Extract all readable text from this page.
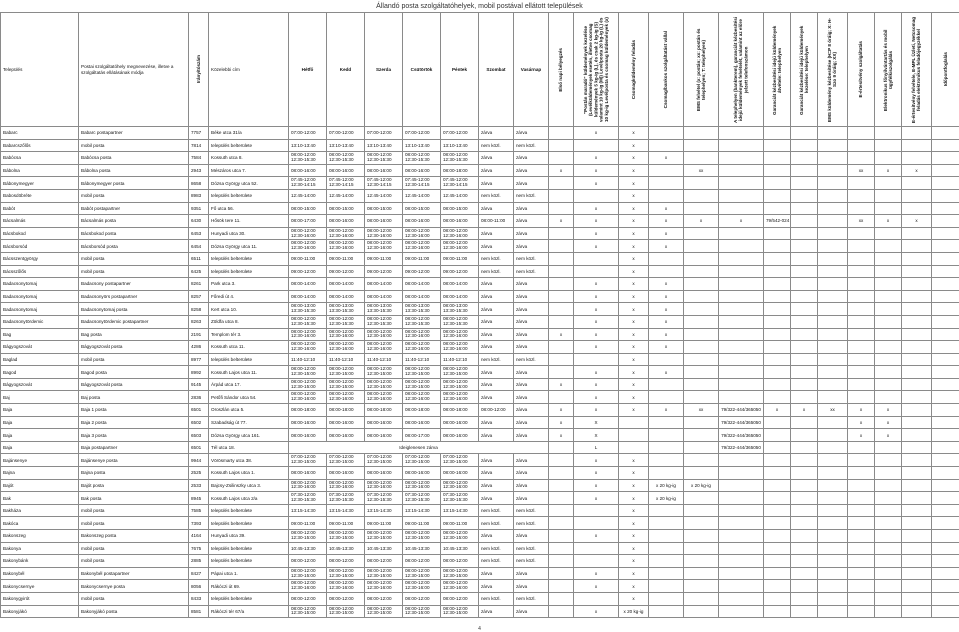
Állandó posta szolgáltatóhelyek, mobil postával ellátott települések
Település	Postai szolgáltatóhely megnevezése, illetve a szolgáltatás ellátásának módja	Irányítószám	Közelebbi cím	Hétfő	Kedd	Szerda	Csütörtök	Péntek	Szombat	Vasárnap	Első napi bélyegzés	"Postán maradó" küldemények kezelése (Levélküldemények esetén, illetve csomag küldemények 5 kg-ig (L), és csak 2 kg-ig (S) valamint 10 kg-ig (M)) Levélposta 20 kg-ig (L) és 10 kg-ig Levélposta és csomag küldemények (x)	Csomagküldemény feladás	Csomag/bankos szolgáltatást vállal	EMS felvétel (x: postán; xx: postán és telephelyen; T: telephelyen)	A telephelyen (bankterem), garanciát kézbesítési idejű küldemények felvételét, valamint az előre jelzett telefonszámon	Garanciát kézbesítési idejű küldemények átvétele: telephelyen	Garanciát kézbesítési idejű küldemények kezelése: telephelyen	EMS küldemény kézbesítése (H=P 8 óráig; X: H-Szo 9 óráig; XX)	E-értesítvény szolgáltatás	Elektronikus főnyilvántartás és mobil ügyfélkiszolgálás	E-értesítvény felvétele, E-MPL Üzleti, Netcsomag feladás elektronikus feladójegyzékkel	Időpontfoglalás

Babarc	Babarc postapartner	7757	Béke utca 31/a	07:00-12:00	07:00-12:00	07:00-12:00	07:00-12:00	07:00-12:00	zárva	zárva		x	x										
Babarcszőlős	mobil posta	7814	település belterülete	13:10-13:40	13:10-13:40	13:10-13:40	13:10-13:40	13:10-13:40	nem közl.	nem közl.			x										
Babócsa	Babócsa posta	7584	Kossuth utca 8.	08:00-12:00
12:30-15:30	08:00-12:00
12:30-15:30	08:00-12:00
12:30-15:30	08:00-12:00
12:30-15:30	08:00-12:00
12:30-15:30	zárva	zárva		x	x	x									
Bábolna	Bábolna posta	2943	Mészáros utca 7.	08:00-16:00	08:00-16:00	08:00-16:00	08:00-16:00	08:00-18:00	zárva	zárva	x	x	x		xx					xx	x	x	
Bábonymegyer	Bábonymegyer posta	8658	Dózsa György utca 52.	07:45-12:00
12:30-14:15	07:45-12:00
12:30-14:15	07:45-12:00
12:30-14:15	07:45-12:00
12:30-14:15	07:45-12:00
12:30-14:15	zárva	zárva		x	x										
Babosdöbréte	mobil posta	8983	település belterülete	12:45-14:00	12:45-14:00	12:45-14:00	12:45-14:00	12:45-14:00	nem közl.	nem közl.			x										
Babót	Babót postapartner	9351	Fő utca 56.	08:00-15:00	08:00-15:00	08:00-15:00	08:00-15:00	08:00-15:00	zárva	zárva		x	x	x									
Bácsalmás	Bácsalmás posta	6430	Hősök tere 11.	08:00-17:00	08:00-16:00	08:00-16:00	08:00-16:00	08:00-16:00	08:00-11:00	zárva	x	x	x	x	x	x	79/542-024			xx	x	x	
Bácsbokod	Bácsbokod posta	6453	Hunyadi utca 30.	08:00-12:00
12:30-16:00	08:00-12:00
12:30-16:00	08:00-12:00
12:30-16:00	08:00-12:00
12:30-16:00	08:00-12:00
12:30-16:00	zárva	zárva		x	x	x									
Bácsborsód	Bácsborsód posta	6454	Dózsa György utca 11.	08:00-12:00
12:30-16:00	08:00-12:00
12:30-16:00	08:00-12:00
12:30-16:00	08:00-12:00
12:30-16:00	08:00-12:00
12:30-16:00	zárva	zárva		x	x	x									
Bácsszentgyörgy	mobil posta	6511	település belterülete	09:00-11:00	09:00-11:00	09:00-11:00	09:00-11:00	09:00-11:00	nem közl.	nem közl.			x										
Bácsszőlős	mobil posta	6425	település belterülete	09:00-12:00	09:00-12:00	09:00-12:00	09:00-12:00	09:00-12:00	nem közl.	nem közl.			x										
Badacsonytomaj	Badacsony postapartner	8261	Park utca 3.	08:00-14:00	08:00-14:00	08:00-14:00	08:00-14:00	08:00-14:00	zárva	zárva		x	x	x									
Badacsonytomaj	Badacsonyörs postapartner	8257	Főredi út 4.	08:00-14:00	08:00-14:00	08:00-14:00	08:00-14:00	08:00-14:00	zárva	zárva		x	x	x									
Badacsonytomaj	Badacsonytomaj posta	8258	Kert utca 10.	08:00-13:00
13:30-15:30	08:00-13:00
13:30-15:30	08:00-13:00
13:30-15:30	08:00-13:00
13:30-15:30	08:00-13:00
13:30-15:30	zárva	zárva		x	x	x									
Badacsonytördemic	Badacsonytördemic postapartner	8263	Zöldfa utca 8.	08:00-12:00
12:30-15:30	08:00-12:00
12:30-15:30	08:00-12:00
12:30-15:30	08:00-12:00
12:30-15:30	08:00-12:00
12:30-15:30	zárva	zárva		x	x	x									
Bag	Bag posta	2191	Templom tér 3.	08:00-12:00
12:30-16:00	08:00-12:00
12:30-16:00	08:00-12:00
12:30-16:00	08:00-12:00
12:30-16:00	08:00-12:00
12:30-16:00	zárva	zárva	x	x	x	x									
Bágyogszovát	Bágyogszovát posta	4286	Kossuth utca 11.	08:00-12:00
12:30-16:00	08:00-12:00
12:30-16:00	08:00-12:00
12:30-16:00	08:00-12:00
12:30-16:00	08:00-12:00
12:30-16:00	zárva	zárva		x	x	x									
Baglad	mobil posta	8977	település belterülete	11:40-12:10	11:40-12:10	11:40-12:10	11:40-12:10	11:40-12:10	nem közl.	nem közl.			x										
Bagod	Bagod posta	8992	Kossuth Lajos utca 11.	08:00-12:00
12:30-15:00	08:00-12:00
12:30-15:00	08:00-12:00
12:30-15:00	08:00-12:00
12:30-15:00	08:00-12:00
12:30-15:00	zárva	zárva		x	x	x									
Bágyogszovát	Bágyogszovát posta	9145	Árpád utca 17.	08:00-12:00
12:30-15:00	08:00-12:00
12:30-15:00	08:00-12:00
12:30-15:00	08:00-12:00
12:30-15:00	08:00-12:00
12:30-15:00	zárva	zárva	x	x	x										
Baj	Baj posta	2836	Petőfi Sándor utca 54.	08:00-12:00
12:30-16:00	08:00-12:00
12:30-16:00	08:00-12:00
12:30-16:00	08:00-12:00
12:30-16:00	08:00-12:00
12:30-16:00	zárva	zárva		x	x										
Baja	Baja 1 posta	6501	Oroszlán utca 5.	08:00-18:00	08:00-18:00	08:00-18:00	08:00-18:00	08:00-18:00	08:00-12:00	zárva	x	x	x	x	xx	79/322-444/365050	x	x	xx	x	x		
Baja	Baja 2 posta	6502	Szabadság út 77.	08:00-16:00	08:00-16:00	08:00-16:00	08:00-16:00	08:00-16:00	zárva	zárva	x	X				79/322-444/365050				x	x		
Baja	Baja 3 posta	6503	Dózsa György utca 161.	08:00-16:00	08:00-16:00	08:00-16:00	08:00-17:00	08:00-16:00	zárva	zárva	x	X				79/322-444/365050				x	x		
Baja	Baja postapartner	6501	Tél utca 18.	Ideiglenesen zárva								L				79/322-444/365050							
Bajánsenye	Bajánsenye posta	9944	Vörösmarty utca 38.	07:00-12:00
12:30-15:00	07:00-12:00
12:30-15:00	07:00-12:00
12:30-15:00	07:00-12:00
12:30-15:00	07:00-12:00
12:30-15:00	zárva	zárva		x	x										
Bajna	Bajna posta	2525	Kossuth Lajos utca 1.	08:00-16:00	08:00-16:00	08:00-16:00	08:00-16:00	08:00-16:00	zárva	zárva		x	x										
Bajót	Bajót posta	2533	Bajcsy-Zsilinszky utca 3.	08:00-12:00
12:30-16:00	08:00-12:00
12:30-16:00	08:00-12:00
12:30-16:00	08:00-12:00
12:30-16:00	08:00-12:00
12:30-16:00	zárva	zárva		x	x	x 20 kg-ig	x 20 kg-ig								
Bak	Bak posta	8945	Kossuth Lajos utca 2/a	07:30-12:00
12:30-15:30	07:30-12:00
12:30-15:30	07:30-12:00
12:30-15:30	07:30-12:00
12:30-15:30	07:30-12:00
12:30-15:30	zárva	zárva		x	x	x 20 kg-ig									
Bakháza	mobil posta	7585	település belterülete	13:15-14:30	13:15-14:30	13:15-14:30	13:15-14:30	13:15-14:30	nem közl.	nem közl.			x										
Bakóca	mobil posta	7393	település belterülete	09:00-11:00	09:00-11:00	09:00-11:00	09:00-11:00	09:00-11:00	nem közl.	nem közl.			x										
Bakonszeg	Bakonszeg posta	4164	Hunyadi utca 39.	08:00-12:00
12:30-15:00	08:00-12:00
12:30-15:00	08:00-12:00
12:30-15:00	08:00-12:00
12:30-15:00	08:00-12:00
12:30-15:00	zárva	zárva		x	x										
Bakonya	mobil posta	7675	település belterülete	10:45-13:30	10:45-13:30	10:45-13:30	10:45-13:30	10:45-13:30	nem közl.	nem közl.			x										
Bakonybánk	mobil posta	2885	település belterülete	08:00-12:00	08:00-12:00	08:00-12:00	08:00-12:00	08:00-12:00	nem közl.	nem közl.			x										
Bakonybél	Bakonybél postapartner	8427	Pápai utca 1.	08:00-12:00
12:30-15:00	08:00-12:00
12:30-15:00	08:00-12:00
12:30-15:00	08:00-12:00
12:30-15:00	08:00-12:00
12:30-15:00	zárva	zárva		x	x										
Bakonycsernye	Bakonycsernye posta	8056	Rákóczi út 69.	08:00-12:00
12:30-16:00	08:00-12:00
12:30-16:00	08:00-12:00
12:30-16:00	08:00-12:00
12:30-16:00	08:00-12:00
12:30-16:00	zárva	zárva		x	x										
Bakonygyirót	mobil posta	8433	település belterülete	08:00-12:00	08:00-12:00	08:00-12:00	08:00-12:00	08:00-12:00	nem közl.	nem közl.			x										
Bakonyjákó	Bakonyjákó posta	8581	Rákóczi tér 67/a	08:00-12:00
12:30-15:00	08:00-12:00
12:30-15:00	08:00-12:00
12:30-15:00	08:00-12:00
12:30-15:00	08:00-12:00
12:30-15:00	zárva	zárva		x	x 20 kg-ig										
4
